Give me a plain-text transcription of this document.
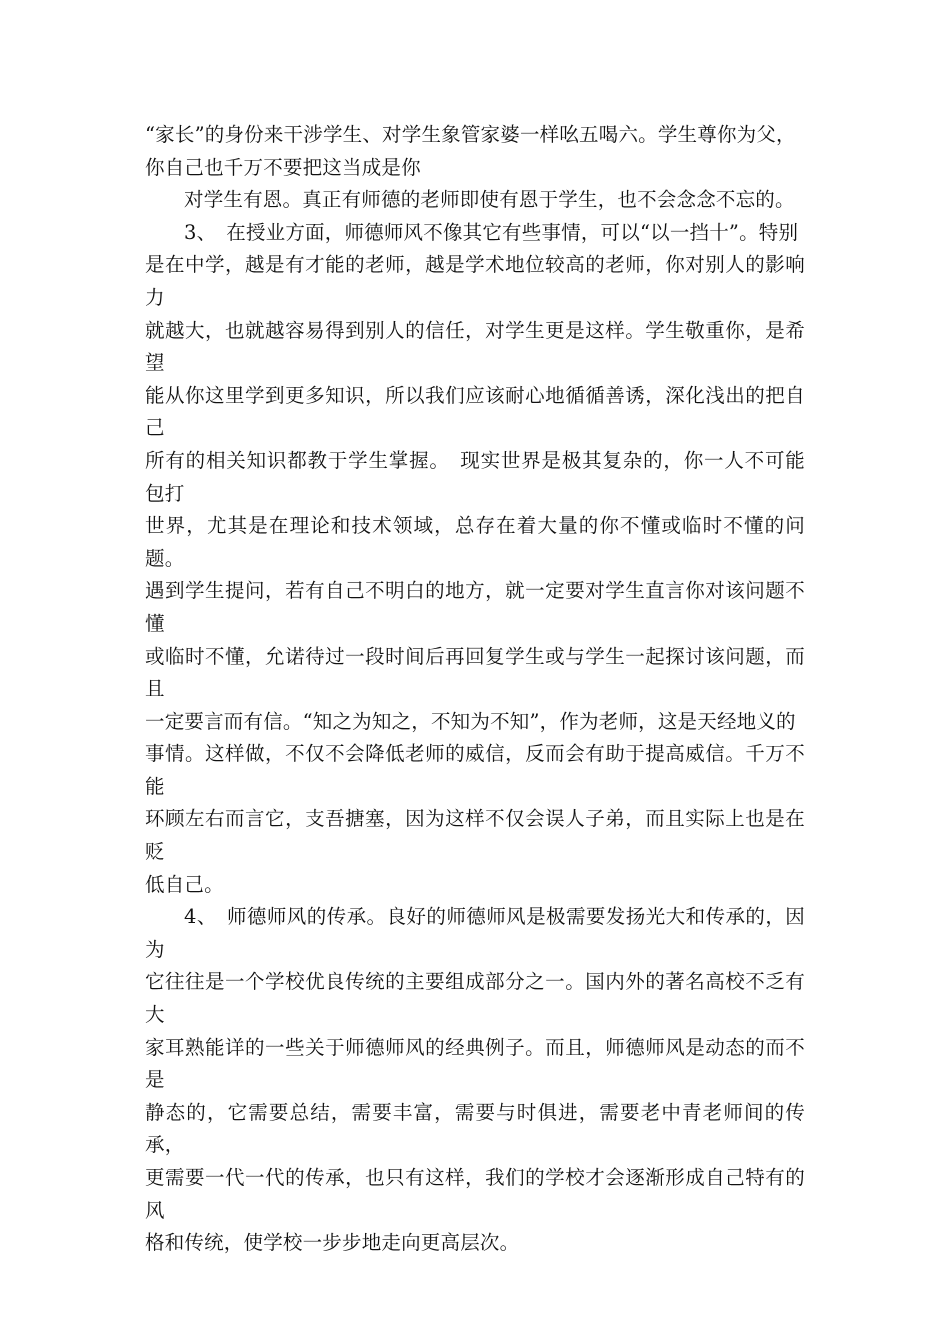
“家长”的身份来干涉学生、对学生象管家婆一样吆五喝六。学生尊你为父，
你自己也千万不要把这当成是你
对学生有恩。真正有师德的老师即使有恩于学生，也不会念念不忘的。
3、　在授业方面，师德师风不像其它有些事情，可以“以一挡十”。特别
是在中学，越是有才能的老师，越是学术地位较高的老师，你对别人的影响力
就越大，也就越容易得到别人的信任，对学生更是这样。学生敬重你，是希望
能从你这里学到更多知识，所以我们应该耐心地循循善诱，深化浅出的把自己
所有的相关知识都教于学生掌握。　现实世界是极其复杂的，你一人不可能包打
世界，尤其是在理论和技术领域，总存在着大量的你不懂或临时不懂的问题。
遇到学生提问，若有自己不明白的地方，就一定要对学生直言你对该问题不懂
或临时不懂，允诺待过一段时间后再回复学生或与学生一起探讨该问题，而且
一定要言而有信。“知之为知之，不知为不知”，作为老师，这是天经地义的
事情。这样做，不仅不会降低老师的威信，反而会有助于提高威信。千万不能
环顾左右而言它，支吾搪塞，因为这样不仅会误人子弟，而且实际上也是在贬
低自己。
4、　师德师风的传承。良好的师德师风是极需要发扬光大和传承的，因为
它往往是一个学校优良传统的主要组成部分之一。国内外的著名高校不乏有大
家耳熟能详的一些关于师德师风的经典例子。而且，师德师风是动态的而不是
静态的，它需要总结，需要丰富，需要与时俱进，需要老中青老师间的传承，
更需要一代一代的传承，也只有这样，我们的学校才会逐渐形成自己特有的风
格和传统，使学校一步步地走向更高层次。
